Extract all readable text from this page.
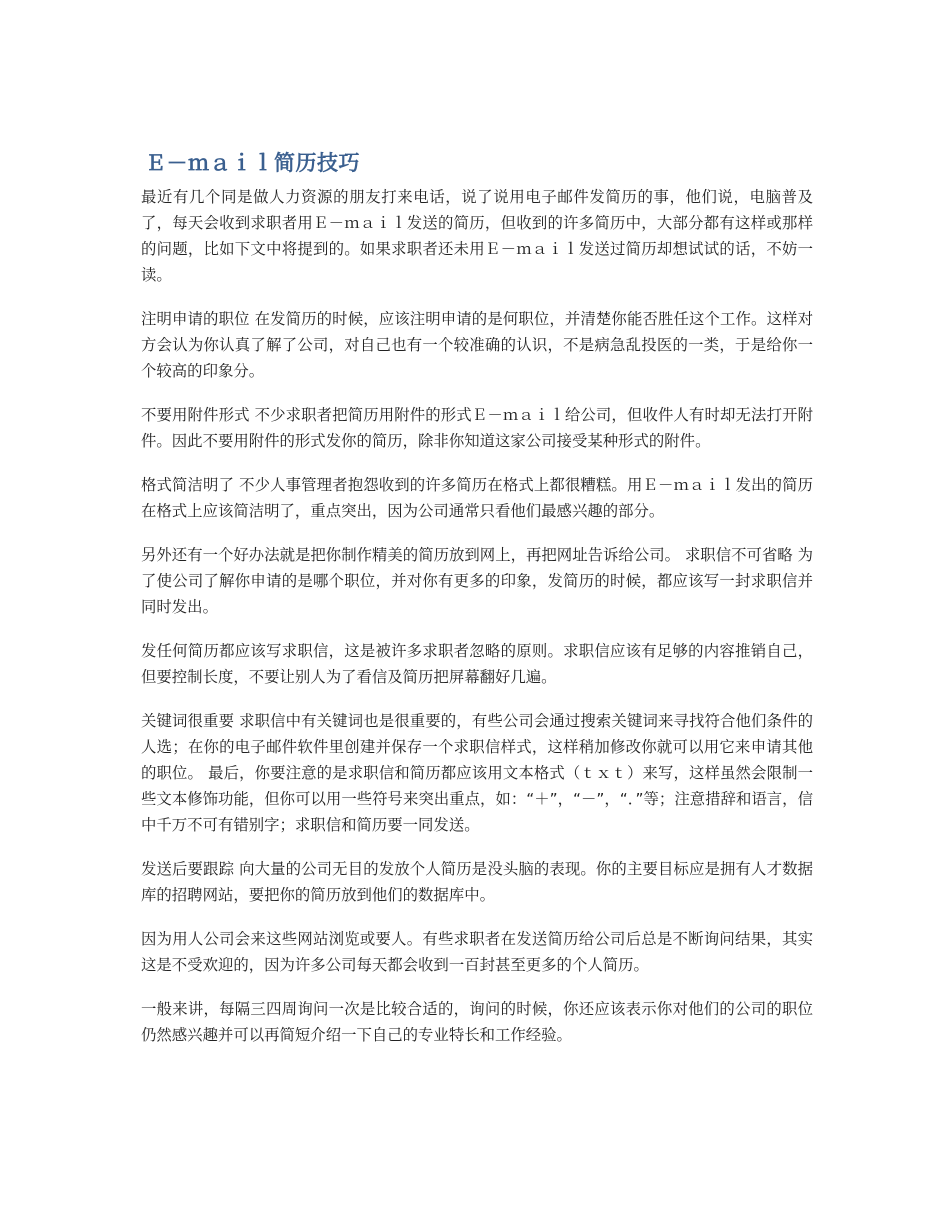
Ｅ－ｍａｉｌ简历技巧

最近有几个同是做人力资源的朋友打来电话，说了说用电子邮件发简历的事，他们说，电脑普及了，每天会收到求职者用Ｅ－ｍａｉｌ发送的简历，但收到的许多简历中，大部分都有这样或那样的问题，比如下文中将提到的。如果求职者还未用Ｅ－ｍａｉｌ发送过简历却想试试的话，不妨一读。

注明申请的职位 在发简历的时候，应该注明申请的是何职位，并清楚你能否胜任这个工作。这样对方会认为你认真了解了公司，对自己也有一个较准确的认识，不是病急乱投医的一类，于是给你一个较高的印象分。

不要用附件形式 不少求职者把简历用附件的形式Ｅ－ｍａｉｌ给公司，但收件人有时却无法打开附件。因此不要用附件的形式发你的简历，除非你知道这家公司接受某种形式的附件。

格式简洁明了 不少人事管理者抱怨收到的许多简历在格式上都很糟糕。用Ｅ－ｍａｉｌ发出的简历在格式上应该简洁明了，重点突出，因为公司通常只看他们最感兴趣的部分。

另外还有一个好办法就是把你制作精美的简历放到网上，再把网址告诉给公司。 求职信不可省略 为了使公司了解你申请的是哪个职位，并对你有更多的印象，发简历的时候，都应该写一封求职信并同时发出。

发任何简历都应该写求职信，这是被许多求职者忽略的原则。求职信应该有足够的内容推销自己，但要控制长度，不要让别人为了看信及简历把屏幕翻好几遍。

关键词很重要 求职信中有关键词也是很重要的，有些公司会通过搜索关键词来寻找符合他们条件的人选；在你的电子邮件软件里创建并保存一个求职信样式，这样稍加修改你就可以用它来申请其他的职位。 最后，你要注意的是求职信和简历都应该用文本格式（ｔｘｔ）来写，这样虽然会限制一些文本修饰功能，但你可以用一些符号来突出重点，如：“＋”，“－”，“．”等；注意措辞和语言，信中千万不可有错别字；求职信和简历要一同发送。

发送后要跟踪 向大量的公司无目的发放个人简历是没头脑的表现。你的主要目标应是拥有人才数据库的招聘网站，要把你的简历放到他们的数据库中。

因为用人公司会来这些网站浏览或要人。有些求职者在发送简历给公司后总是不断询问结果，其实这是不受欢迎的，因为许多公司每天都会收到一百封甚至更多的个人简历。

一般来讲，每隔三四周询问一次是比较合适的，询问的时候，你还应该表示你对他们的公司的职位仍然感兴趣并可以再简短介绍一下自己的专业特长和工作经验。
